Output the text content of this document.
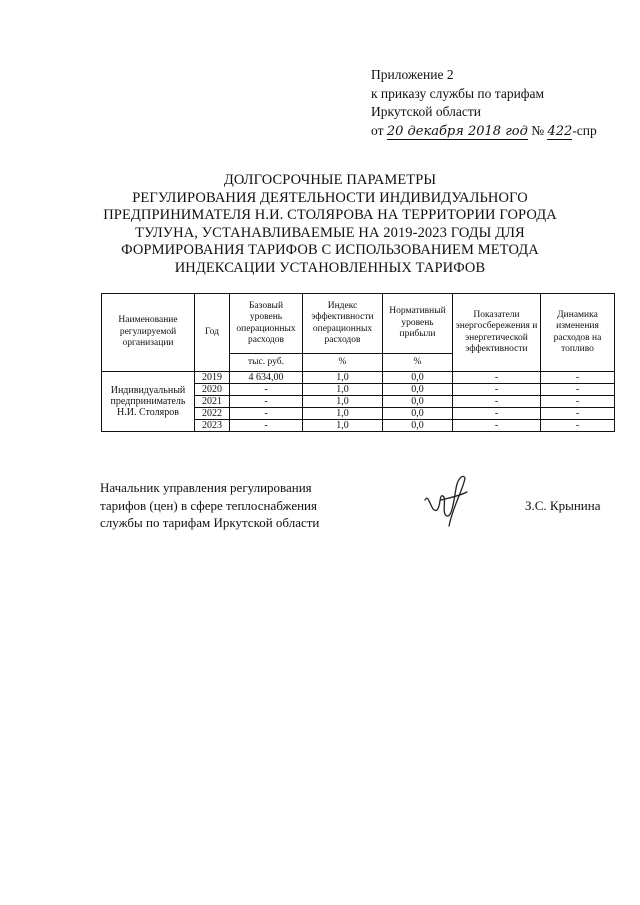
Приложение 2
к приказу службы по тарифам
Иркутской области
от 20 декабря 2018 год № 422-спр
ДОЛГОСРОЧНЫЕ ПАРАМЕТРЫ
РЕГУЛИРОВАНИЯ ДЕЯТЕЛЬНОСТИ ИНДИВИДУАЛЬНОГО
ПРЕДПРИНИМАТЕЛЯ Н.И. СТОЛЯРОВА НА ТЕРРИТОРИИ ГОРОДА
ТУЛУНА, УСТАНАВЛИВАЕМЫЕ НА 2019-2023 ГОДЫ ДЛЯ
ФОРМИРОВАНИЯ ТАРИФОВ С ИСПОЛЬЗОВАНИЕМ МЕТОДА
ИНДЕКСАЦИИ УСТАНОВЛЕННЫХ ТАРИФОВ
Наименование регулируемой организации	Год	Базовый уровень операционных расходов	Индекс эффективности операционных расходов	Нормативный уровень прибыли	Показатели энергосбережения и энергетической эффективности	Динамика изменения расходов на топливо
		тыс. руб.	%	%		
Индивидуальный предприниматель Н.И. Столяров	2019	4 634,00	1,0	0,0	-	-
	2020	-	1,0	0,0	-	-
	2021	-	1,0	0,0	-	-
	2022	-	1,0	0,0	-	-
	2023	-	1,0	0,0	-	-
Начальник управления регулирования
тарифов (цен) в сфере теплоснабжения
службы по тарифам Иркутской области
З.С. Крынина
